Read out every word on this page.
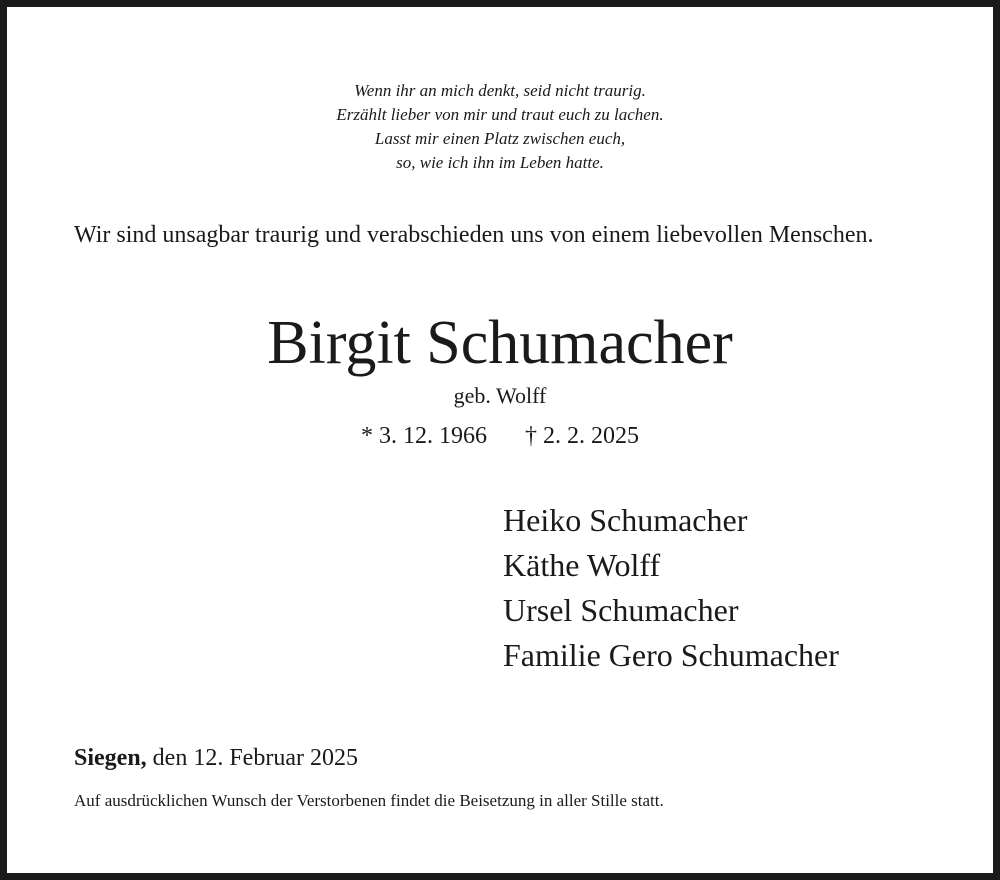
Wenn ihr an mich denkt, seid nicht traurig.
Erzählt lieber von mir und traut euch zu lachen.
Lasst mir einen Platz zwischen euch,
so, wie ich ihn im Leben hatte.
Wir sind unsagbar traurig und verabschieden uns von einem liebevollen Menschen.
Birgit Schumacher
geb. Wolff
* 3. 12. 1966 † 2. 2. 2025
Heiko Schumacher
Käthe Wolff
Ursel Schumacher
Familie Gero Schumacher
Siegen, den 12. Februar 2025
Auf ausdrücklichen Wunsch der Verstorbenen findet die Beisetzung in aller Stille statt.
